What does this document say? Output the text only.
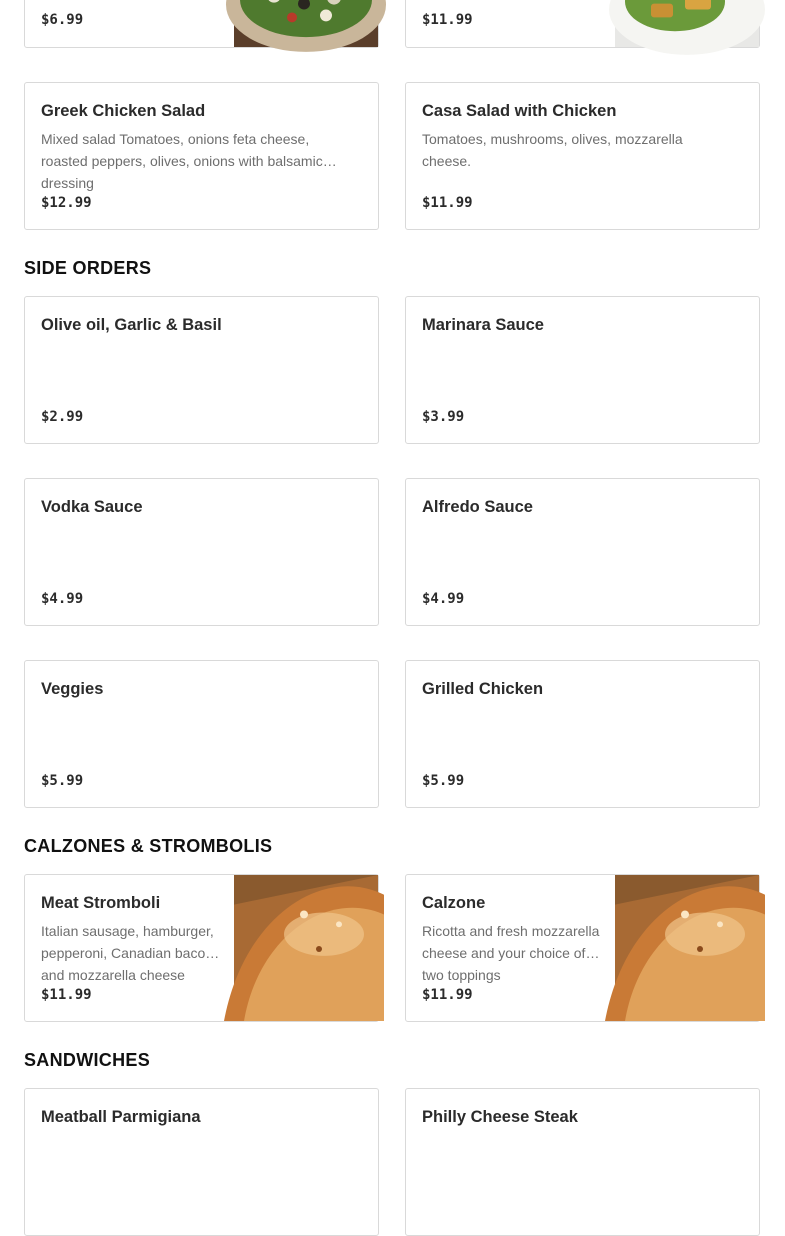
$6.99	$11.99
Greek Chicken Salad
Mixed salad Tomatoes, onions feta cheese, roasted peppers, olives, onions with balsamic dressing
$12.99
Casa Salad with Chicken
Tomatoes, mushrooms, olives, mozzarella cheese.
$11.99
SIDE ORDERS
Olive oil, Garlic & Basil
$2.99
Marinara Sauce
$3.99
Vodka Sauce
$4.99
Alfredo Sauce
$4.99
Veggies
$5.99
Grilled Chicken
$5.99
CALZONES & STROMBOLIS
Meat Stromboli
Italian sausage, hamburger, pepperoni, Canadian bacon and mozzarella cheese
$11.99
Calzone
Ricotta and fresh mozzarella cheese and your choice of two toppings
$11.99
SANDWICHES
Meatball Parmigiana	Philly Cheese Steak
